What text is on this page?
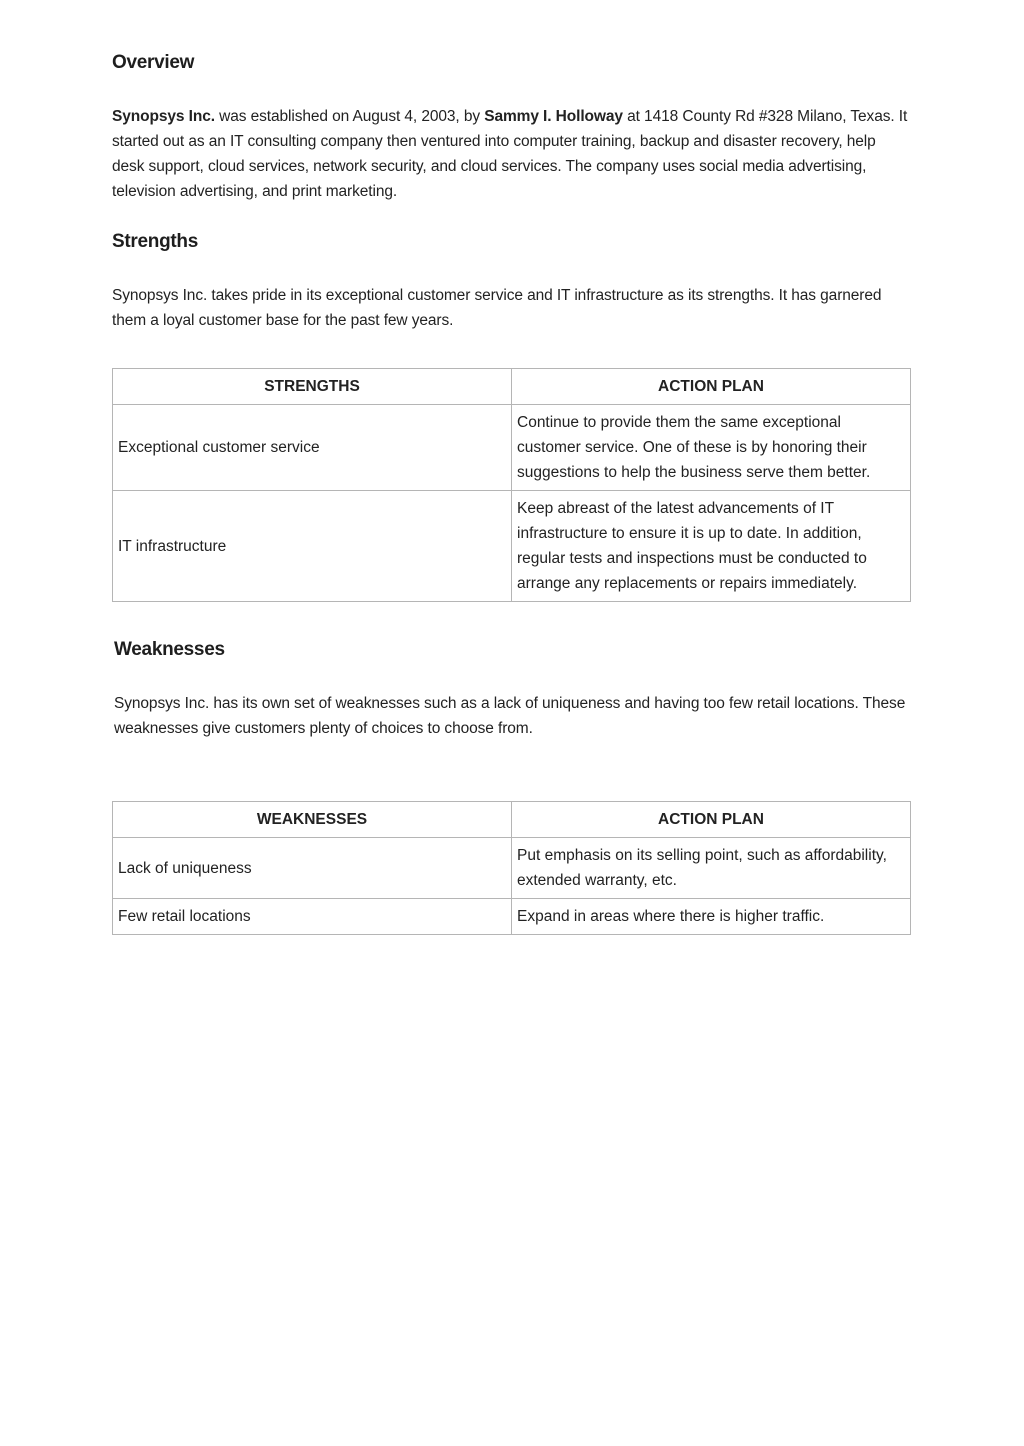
Overview

Synopsys Inc. was established on August 4, 2003, by Sammy I. Holloway at 1418 County Rd #328 Milano, Texas. It started out as an IT consulting company then ventured into computer training, backup and disaster recovery, help desk support, cloud services, network security, and cloud services. The company uses social media advertising, television advertising, and print marketing.

Strengths

Synopsys Inc. takes pride in its exceptional customer service and IT infrastructure as its strengths. It has garnered them a loyal customer base for the past few years.

STRENGTHS	ACTION PLAN
Exceptional customer service	Continue to provide them the same exceptional customer service. One of these is by honoring their suggestions to help the business serve them better.
IT infrastructure	Keep abreast of the latest advancements of IT infrastructure to ensure it is up to date. In addition, regular tests and inspections must be conducted to arrange any replacements or repairs immediately.
Weaknesses

Synopsys Inc. has its own set of weaknesses such as a lack of uniqueness and having too few retail locations. These weaknesses give customers plenty of choices to choose from.

WEAKNESSES	ACTION PLAN
Lack of uniqueness	Put emphasis on its selling point, such as affordability, extended warranty, etc.
Few retail locations	Expand in areas where there is higher traffic.
